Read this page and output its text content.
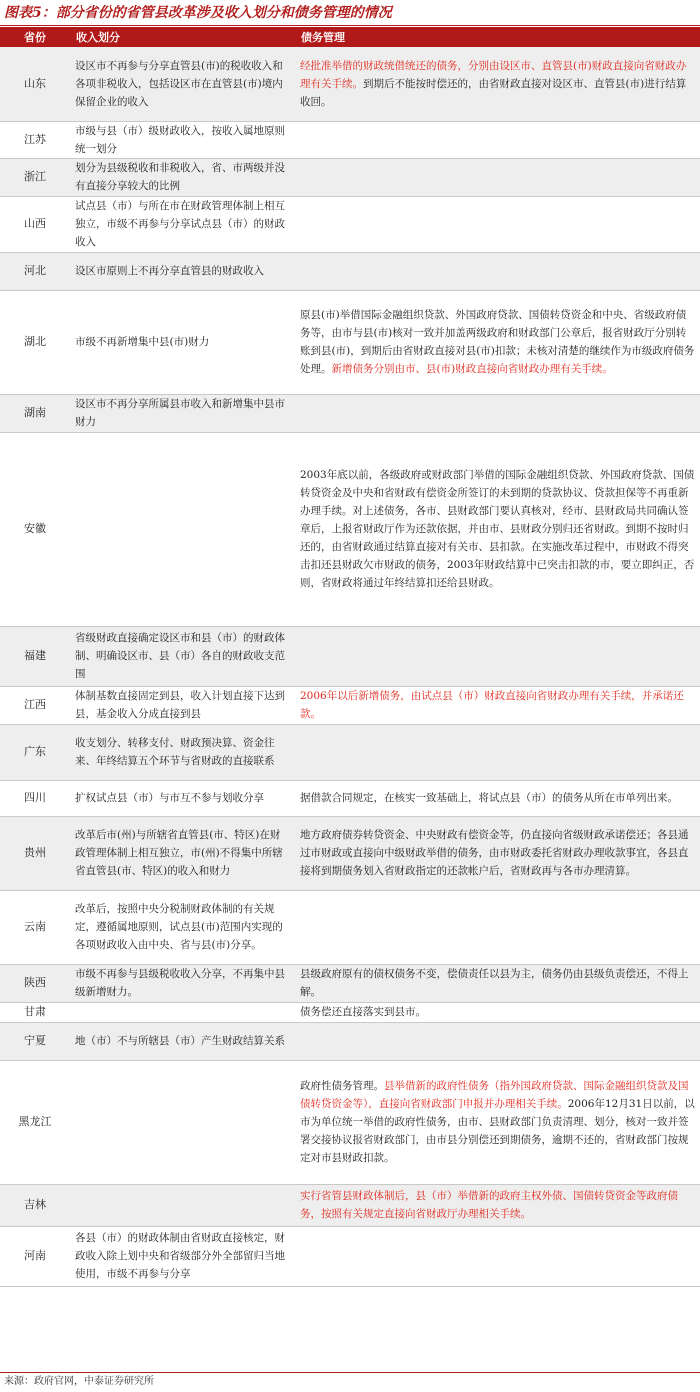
图表5：部分省份的省管县改革涉及收入划分和债务管理的情况
省份	收入划分	债务管理
山东	设区市不再参与分享直管县(市)的税收收入和各项非税收入，包括设区市在直管县(市)境内保留企业的收入	经批准举借的财政统借统还的债务，分别由设区市、直管县(市)财政直接向省财政办理有关手续。到期后不能按时偿还的，由省财政直接对设区市、直管县(市)进行结算收回。
江苏	市级与县（市）级财政收入，按收入属地原则统一划分	
浙江	划分为县级税收和非税收入，省、市两级并没有直接分享较大的比例	
山西	试点县（市）与所在市在财政管理体制上相互独立，市级不再参与分享试点县（市）的财政收入	
河北	设区市原则上不再分享直管县的财政收入	
湖北	市级不再新增集中县(市)财力	原县(市)举借国际金融组织贷款、外国政府贷款、国债转贷资金和中央、省级政府债务等，由市与县(市)核对一致并加盖两级政府和财政部门公章后，报省财政厅分别转账到县(市)，到期后由省财政直接对县(市)扣款；未核对清楚的继续作为市级政府债务处理。新增债务分别由市、县(市)财政直接向省财政办理有关手续。
湖南	设区市不再分享所属县市收入和新增集中县市财力	
安徽		2003年底以前，各级政府或财政部门举借的国际金融组织贷款、外国政府贷款、国债转贷资金及中央和省财政有偿资金所签订的未到期的贷款协议、贷款担保等不再重新办理手续。对上述债务，各市、县财政部门要认真核对，经市、县财政局共同确认签章后，上报省财政厅作为还款依据，并由市、县财政分别归还省财政。到期不按时归还的，由省财政通过结算直接对有关市、县扣款。在实施改革过程中，市财政不得突击扣还县财政欠市财政的债务，2003年财政结算中已突击扣款的市，要立即纠正，否则，省财政将通过年终结算扣还给县财政。
福建	省级财政直接确定设区市和县（市）的财政体制、明确设区市、县（市）各自的财政收支范围	
江西	体制基数直接固定到县，收入计划直接下达到县，基金收入分成直接到县	2006年以后新增债务，由试点县（市）财政直接向省财政办理有关手续，并承诺还款。
广东	收支划分、转移支付、财政预决算、资金往来、年终结算五个环节与省财政的直接联系	
四川	扩权试点县（市）与市互不参与划收分享	据借款合同规定，在核实一致基础上，将试点县（市）的债务从所在市单列出来。
贵州	改革后市(州)与所辖省直管县(市、特区)在财政管理体制上相互独立，市(州)不得集中所辖省直管县(市、特区)的收入和财力	地方政府债券转贷资金、中央财政有偿资金等，仍直接向省级财政承诺偿还；各县通过市财政或直接向中级财政举借的债务，由市财政委托省财政办理收款事宜，各县直接将到期债务划入省财政指定的还款帐户后，省财政再与各市办理清算。
云南	改革后，按照中央分税制财政体制的有关规定，遵循属地原则，试点县(市)范围内实现的各项财政收入由中央、省与县(市)分享。	
陕西	市级不再参与县级税收收入分享，不再集中县级新增财力。	县级政府原有的债权债务不变，偿债责任以县为主，债务仍由县级负责偿还，不得上解。
甘肃		债务偿还直接落实到县市。
宁夏	地（市）不与所辖县（市）产生财政结算关系	
黑龙江		政府性债务管理。县举借新的政府性债务（指外国政府贷款、国际金融组织贷款及国债转贷资金等），直接向省财政部门申报并办理相关手续。2006年12月31日以前，以市为单位统一举借的政府性债务，由市、县财政部门负责清理、划分，核对一致并签署交接协议报省财政部门，由市县分别偿还到期债务，逾期不还的，省财政部门按规定对市县财政扣款。
吉林		实行省管县财政体制后，县（市）举借新的政府主权外债、国债转贷资金等政府债务，按照有关规定直接向省财政厅办理相关手续。
河南	各县（市）的财政体制由省财政直接核定，财政收入除上划中央和省级部分外全部留归当地使用，市级不再参与分享	
来源：政府官网，中泰证券研究所
